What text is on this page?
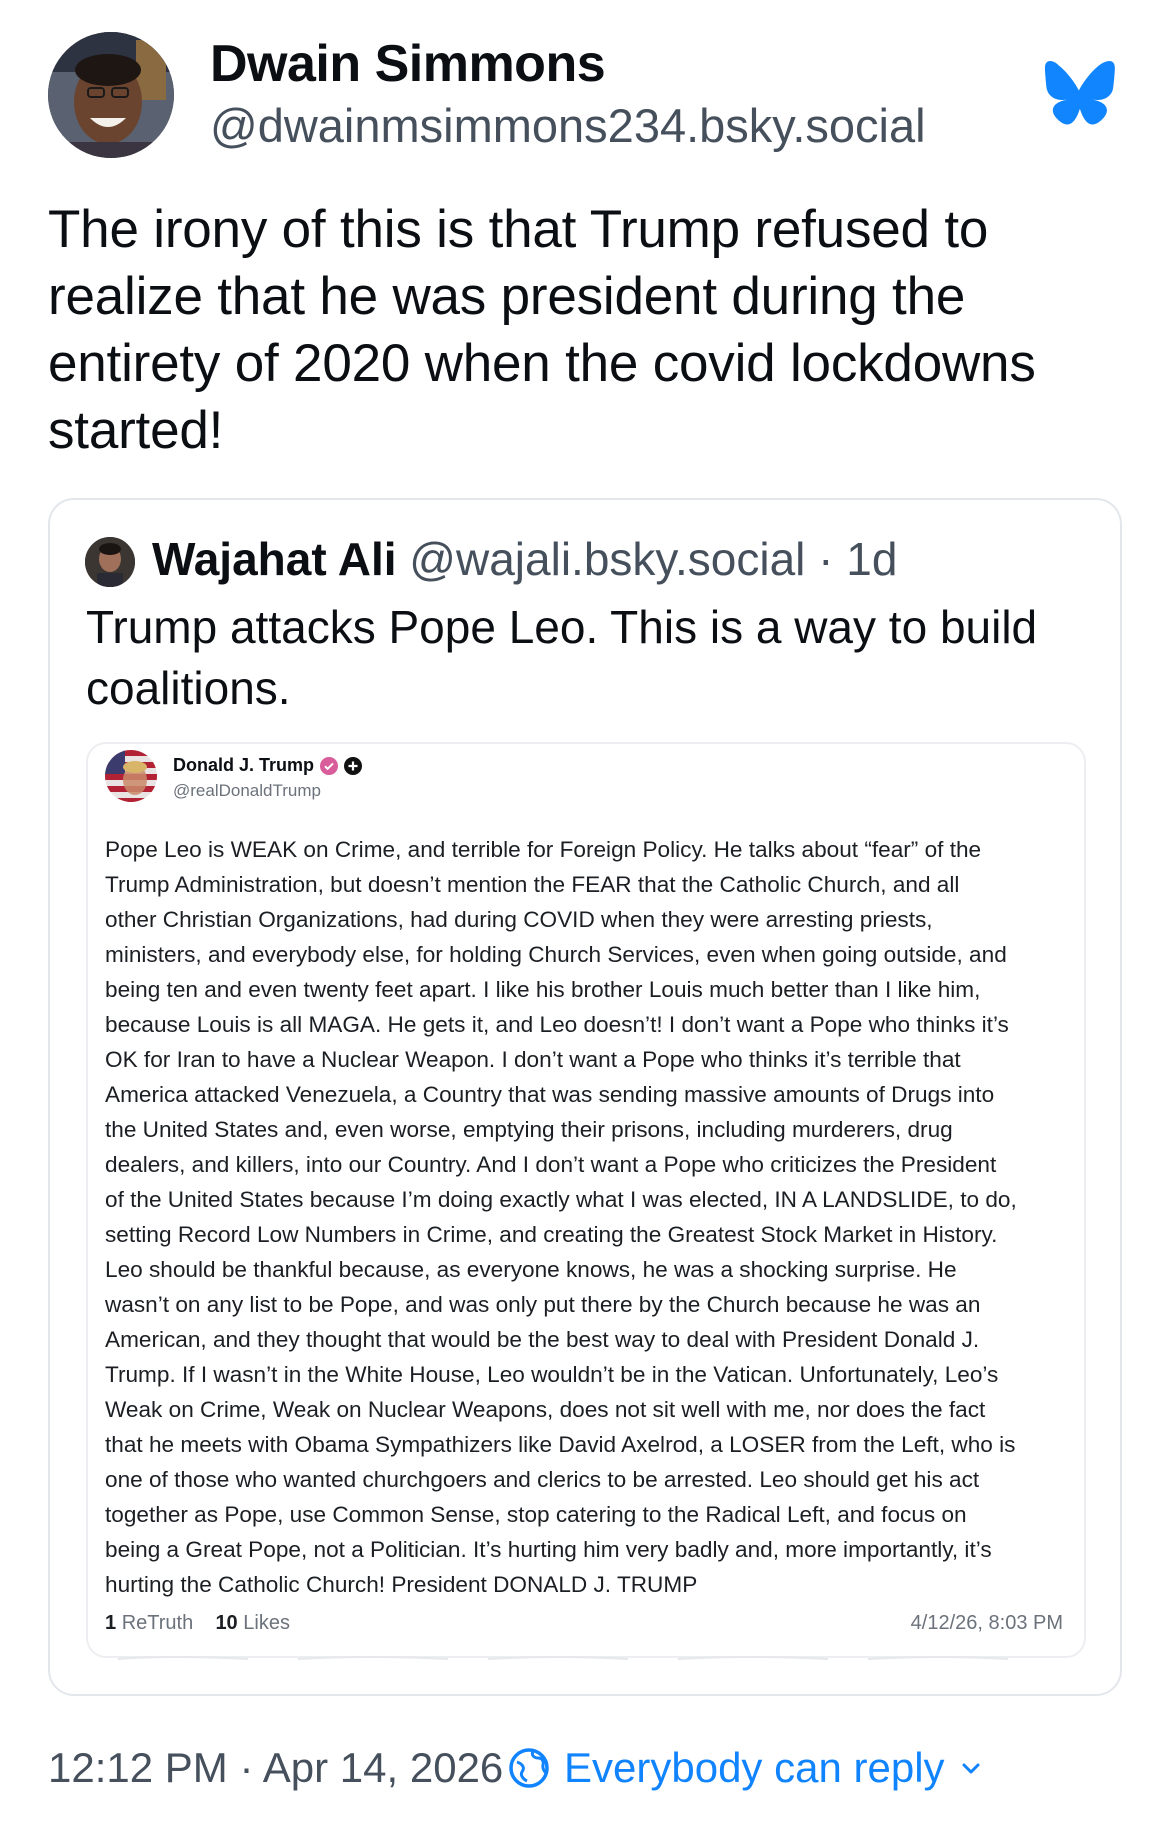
Dwain Simmons
@dwainmsimmons234.bsky.social
The irony of this is that Trump refused to
realize that he was president during the
entirety of 2020 when the covid lockdowns
started!
Wajahat Ali @wajali.bsky.social · 1d
Trump attacks Pope Leo. This is a way to build
coalitions.
Donald J. Trump
@realDonaldTrump
Pope Leo is WEAK on Crime, and terrible for Foreign Policy. He talks about “fear” of the
Trump Administration, but doesn’t mention the FEAR that the Catholic Church, and all
other Christian Organizations, had during COVID when they were arresting priests,
ministers, and everybody else, for holding Church Services, even when going outside, and
being ten and even twenty feet apart. I like his brother Louis much better than I like him,
because Louis is all MAGA. He gets it, and Leo doesn’t! I don’t want a Pope who thinks it’s
OK for Iran to have a Nuclear Weapon. I don’t want a Pope who thinks it’s terrible that
America attacked Venezuela, a Country that was sending massive amounts of Drugs into
the United States and, even worse, emptying their prisons, including murderers, drug
dealers, and killers, into our Country. And I don’t want a Pope who criticizes the President
of the United States because I’m doing exactly what I was elected, IN A LANDSLIDE, to do,
setting Record Low Numbers in Crime, and creating the Greatest Stock Market in History.
Leo should be thankful because, as everyone knows, he was a shocking surprise. He
wasn’t on any list to be Pope, and was only put there by the Church because he was an
American, and they thought that would be the best way to deal with President Donald J.
Trump. If I wasn’t in the White House, Leo wouldn’t be in the Vatican. Unfortunately, Leo’s
Weak on Crime, Weak on Nuclear Weapons, does not sit well with me, nor does the fact
that he meets with Obama Sympathizers like David Axelrod, a LOSER from the Left, who is
one of those who wanted churchgoers and clerics to be arrested. Leo should get his act
together as Pope, use Common Sense, stop catering to the Radical Left, and focus on
being a Great Pope, not a Politician. It’s hurting him very badly and, more importantly, it’s
hurting the Catholic Church! President DONALD J. TRUMP
1 ReTruth 10 Likes	4/12/26, 8:03 PM
12:12 PM · Apr 14, 2026 Everybody can reply
